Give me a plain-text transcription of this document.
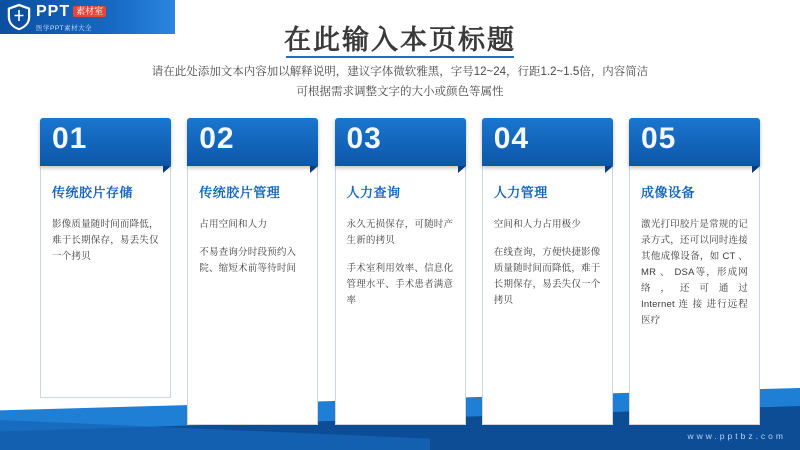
PPT 素材室
医学PPT素材大全	在此输入本页标题
请在此处添加文本内容加以解释说明，建议字体微软雅黑，字号12~24，行距1.2~1.5倍，内容简洁
可根据需求调整文字的大小或颜色等属性
01
传统胶片存储

影像质量随时间而降低，难于长期保存，易丢失仅一个拷贝

02
传统胶片管理

占用空间和人力

不易查询分时段预约入院、缩短术前等待时间

03
人力查询

永久无损保存，可随时产生新的拷贝

手术室利用效率、信息化管理水平、手术患者满意率

04
人力管理

空间和人力占用极少

在线查询，方便快捷影像质量随时间而降低，难于长期保存，易丢失仅一个拷贝

05
成像设备

激光打印胶片是常规的记录方式，还可以同时连接其他成像设备，如 CT 、 MR 、 DSA等，形成网络 ， 还 可 通 过 Internet 连 接 进行远程医疗

www.pptbz.com
